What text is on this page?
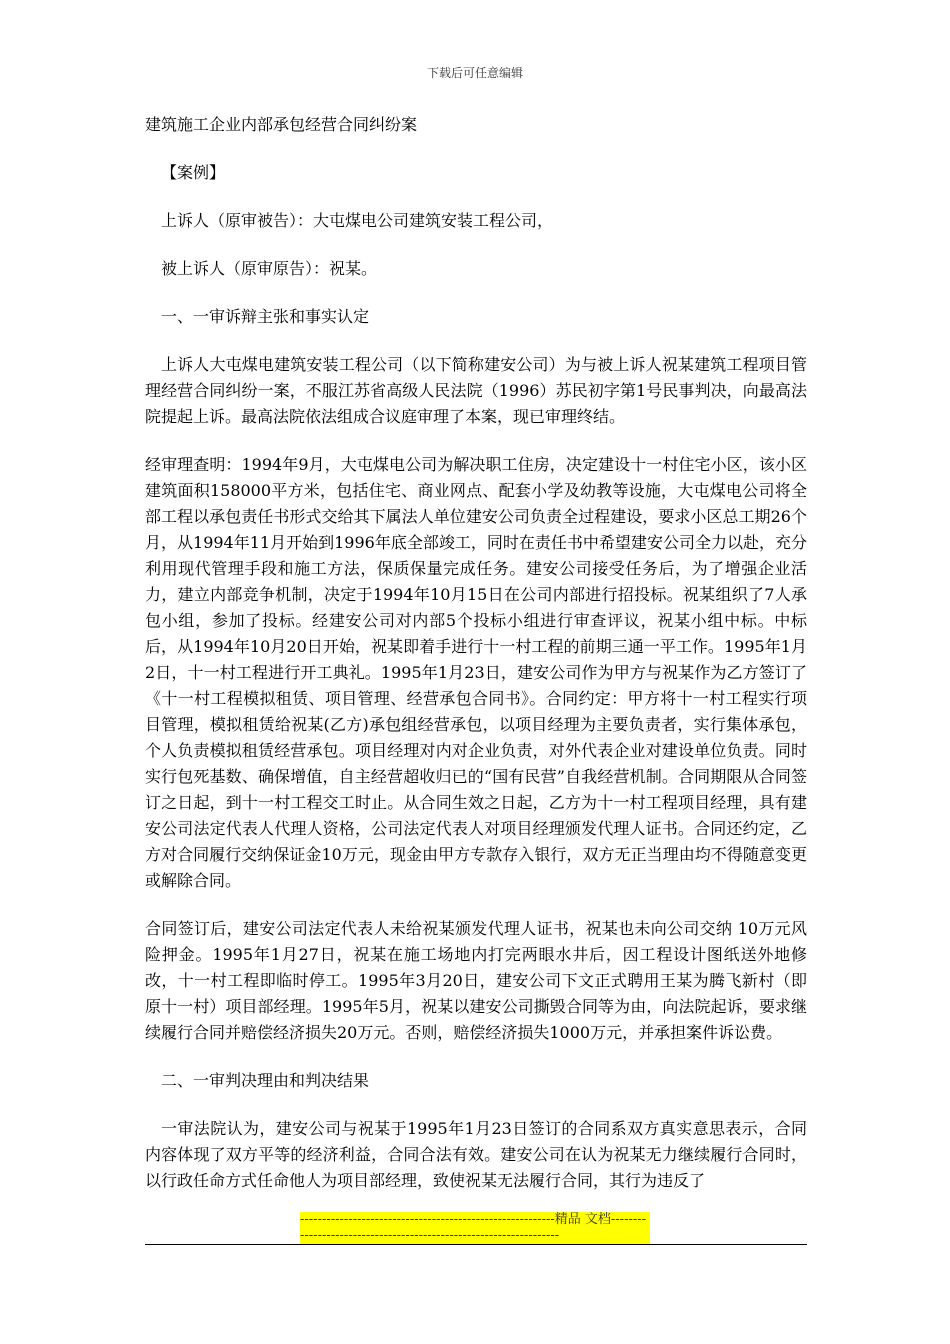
下载后可任意编辑

建筑施工企业内部承包经营合同纠纷案

【案例】

上诉人（原审被告）：大屯煤电公司建筑安装工程公司，

被上诉人（原审原告）：祝某。

一、一审诉辩主张和事实认定

上诉人大屯煤电建筑安装工程公司（以下简称建安公司）为与被上诉人祝某建筑工程项目管理经营合同纠纷一案，不服江苏省高级人民法院（1996）苏民初字第1号民事判决，向最高法院提起上诉。最高法院依法组成合议庭审理了本案，现已审理终结。

经审理查明：1994年9月，大屯煤电公司为解决职工住房，决定建设十一村住宅小区，该小区建筑面积158000平方米，包括住宅、商业网点、配套小学及幼教等设施，大屯煤电公司将全部工程以承包责任书形式交给其下属法人单位建安公司负责全过程建设，要求小区总工期26个月，从1994年11月开始到1996年底全部竣工，同时在责任书中希望建安公司全力以赴，充分利用现代管理手段和施工方法，保质保量完成任务。建安公司接受任务后，为了增强企业活力，建立内部竞争机制，决定于1994年10月15日在公司内部进行招投标。祝某组织了7人承包小组，参加了投标。经建安公司对内部5个投标小组进行审查评议，祝某小组中标。中标后，从1994年10月20日开始，祝某即着手进行十一村工程的前期三通一平工作。1995年1月2日，十一村工程进行开工典礼。1995年1月23日，建安公司作为甲方与祝某作为乙方签订了《十一村工程模拟租赁、项目管理、经营承包合同书》。合同约定：甲方将十一村工程实行项目管理，模拟租赁给祝某(乙方)承包组经营承包，以项目经理为主要负责者，实行集体承包，个人负责模拟租赁经营承包。项目经理对内对企业负责，对外代表企业对建设单位负责。同时实行包死基数、确保增值，自主经营超收归已的“国有民营”自我经营机制。合同期限从合同签订之日起，到十一村工程交工时止。从合同生效之日起，乙方为十一村工程项目经理，具有建安公司法定代表人代理人资格，公司法定代表人对项目经理颁发代理人证书。合同还约定，乙方对合同履行交纳保证金10万元，现金由甲方专款存入银行，双方无正当理由均不得随意变更或解除合同。

合同签订后，建安公司法定代表人未给祝某颁发代理人证书，祝某也未向公司交纳 10万元风险押金。1995年1月27日，祝某在施工场地内打完两眼水井后，因工程设计图纸送外地修改，十一村工程即临时停工。1995年3月20日，建安公司下文正式聘用王某为腾飞新村（即原十一村）项目部经理。1995年5月，祝某以建安公司撕毁合同等为由，向法院起诉，要求继续履行合同并赔偿经济损失20万元。否则，赔偿经济损失1000万元，并承担案件诉讼费。

二、一审判决理由和判决结果

一审法院认为，建安公司与祝某于1995年1月23日签订的合同系双方真实意思表示，合同内容体现了双方平等的经济利益，合同合法有效。建安公司在认为祝某无力继续履行合同时，以行政任命方式任命他人为项目部经理，致使祝某无法履行合同，其行为违反了

----------------------------------------------------------精品 文档-------------------------------------------------------------------
